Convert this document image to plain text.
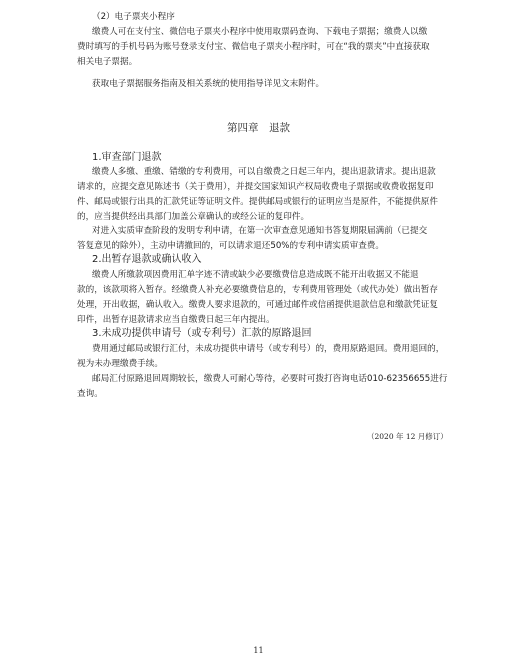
（2）电子票夹小程序
缴费人可在支付宝、微信电子票夹小程序中使用取票码查询、下载电子票据；缴费人以缴
费时填写的手机号码为账号登录支付宝、微信电子票夹小程序时，可在“我的票夹”中直接获取
相关电子票据。
获取电子票据服务指南及相关系统的使用指导详见文末附件。
第四章　退款
1.审查部门退款
缴费人多缴、重缴、错缴的专利费用，可以自缴费之日起三年内，提出退款请求。提出退款
请求的，应提交意见陈述书（关于费用），并提交国家知识产权局收费电子票据或收费收据复印
件、邮局或银行出具的汇款凭证等证明文件。提供邮局或银行的证明应当是原件，不能提供原件
的，应当提供经出具部门加盖公章确认的或经公证的复印件。
对进入实质审查阶段的发明专利申请，在第一次审查意见通知书答复期限届满前（已提交
答复意见的除外），主动申请撤回的，可以请求退还50%的专利申请实质审查费。
2.出暂存退款或确认收入
缴费人所缴款项因费用汇单字迹不清或缺少必要缴费信息造成既不能开出收据又不能退
款的，该款项将入暂存。经缴费人补充必要缴费信息的，专利费用管理处（或代办处）做出暂存
处理，开出收据，确认收入。缴费人要求退款的，可通过邮件或信函提供退款信息和缴款凭证复
印件，出暂存退款请求应当自缴费日起三年内提出。
3.未成功提供申请号（或专利号）汇款的原路退回
费用通过邮局或银行汇付，未成功提供申请号（或专利号）的，费用原路退回。费用退回的，
视为未办理缴费手续。
邮局汇付原路退回周期较长，缴费人可耐心等待，必要时可拨打咨询电话010-62356655进行
查询。
（2020 年 12 月修订）
11
